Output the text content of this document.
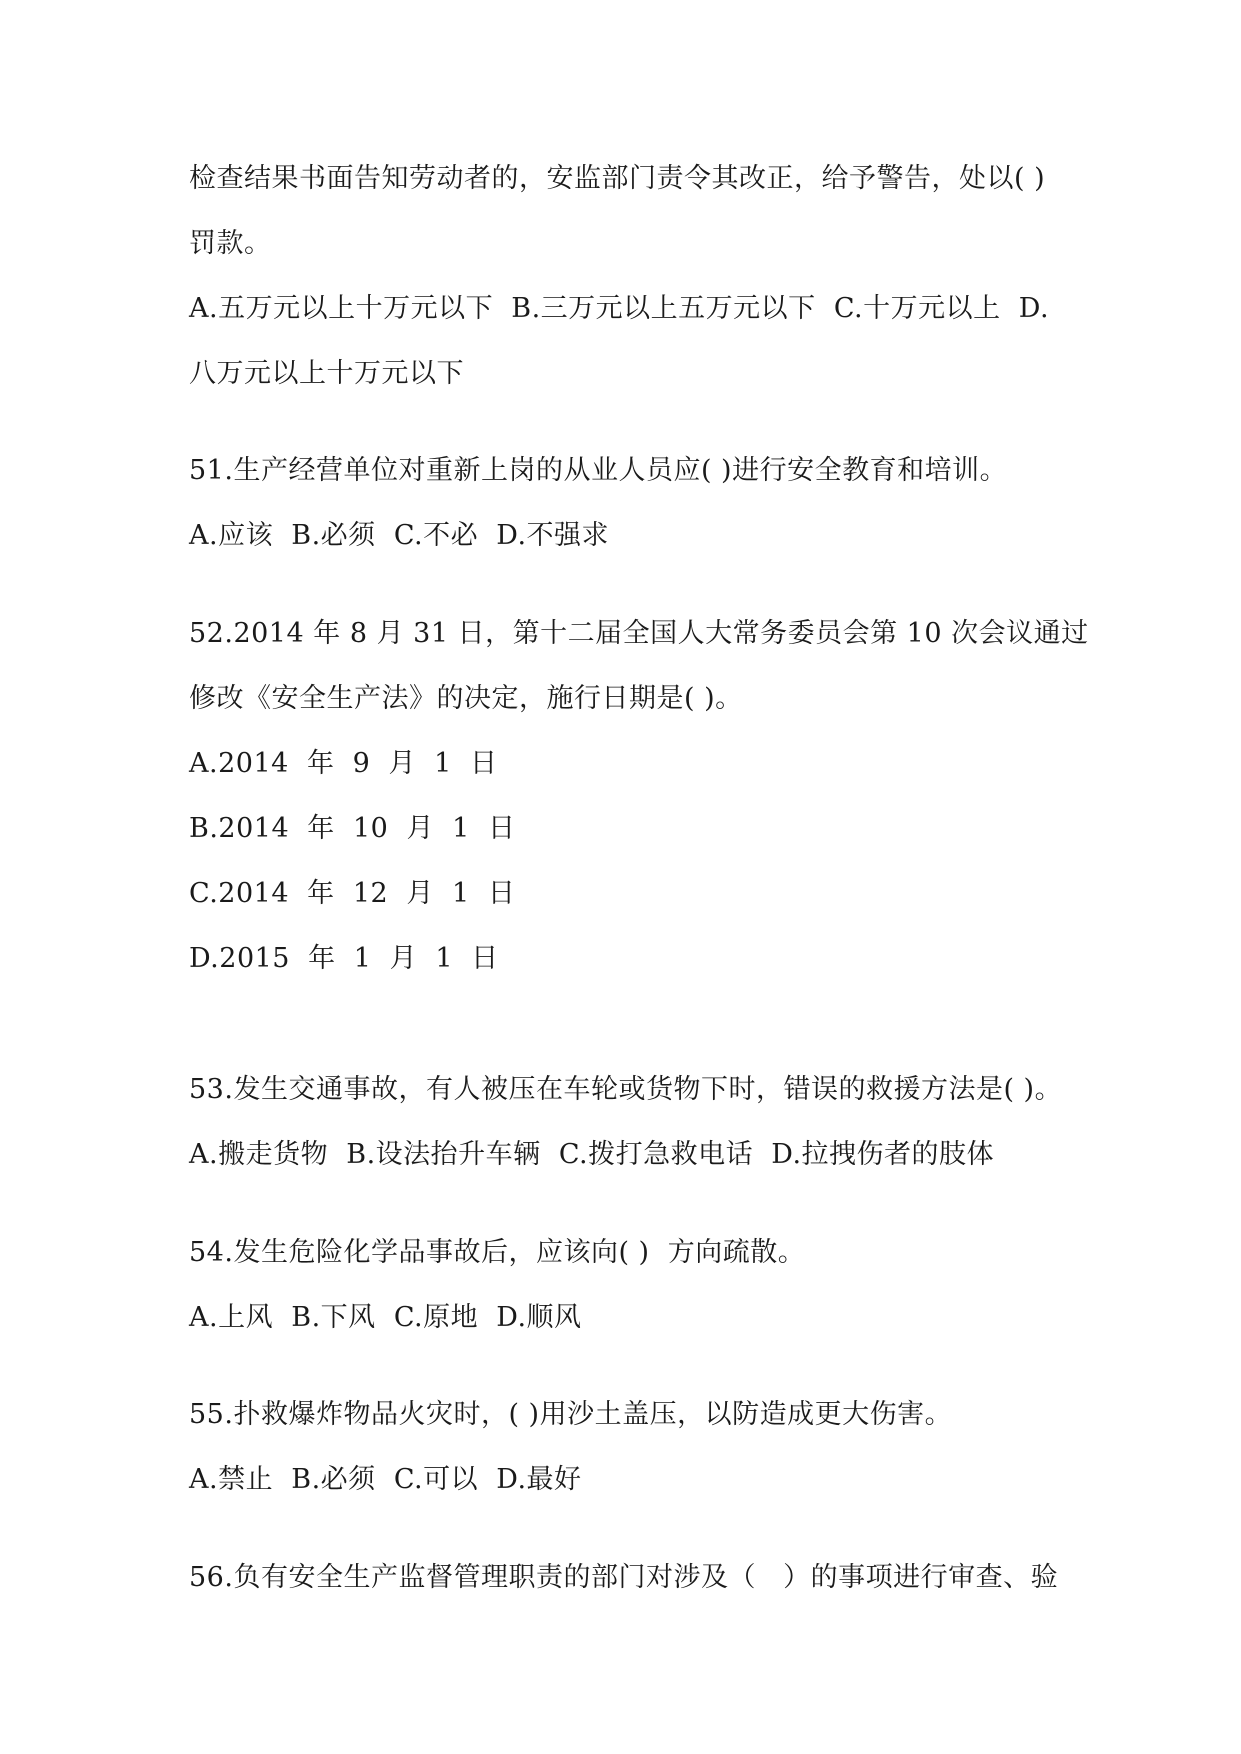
检查结果书面告知劳动者的，安监部门责令其改正，给予警告，处以( )
罚款。
A.五万元以上十万元以下  B.三万元以上五万元以下  C.十万元以上  D.
八万元以上十万元以下
51.生产经营单位对重新上岗的从业人员应( )进行安全教育和培训。
A.应该  B.必须  C.不必  D.不强求
52.2014 年 8 月 31 日，第十二届全国人大常务委员会第 10 次会议通过
修改《安全生产法》的决定，施行日期是( )。
A.2014  年  9  月  1  日
B.2014  年  10  月  1  日
C.2014  年  12  月  1  日
D.2015  年  1  月  1  日
53.发生交通事故，有人被压在车轮或货物下时，错误的救援方法是( )。
A.搬走货物  B.设法抬升车辆  C.拨打急救电话  D.拉拽伤者的肢体
54.发生危险化学品事故后，应该向( )  方向疏散。
A.上风  B.下风  C.原地  D.顺风
55.扑救爆炸物品火灾时，( )用沙土盖压，以防造成更大伤害。
A.禁止  B.必须  C.可以  D.最好
56.负有安全生产监督管理职责的部门对涉及（   ）的事项进行审查、验
